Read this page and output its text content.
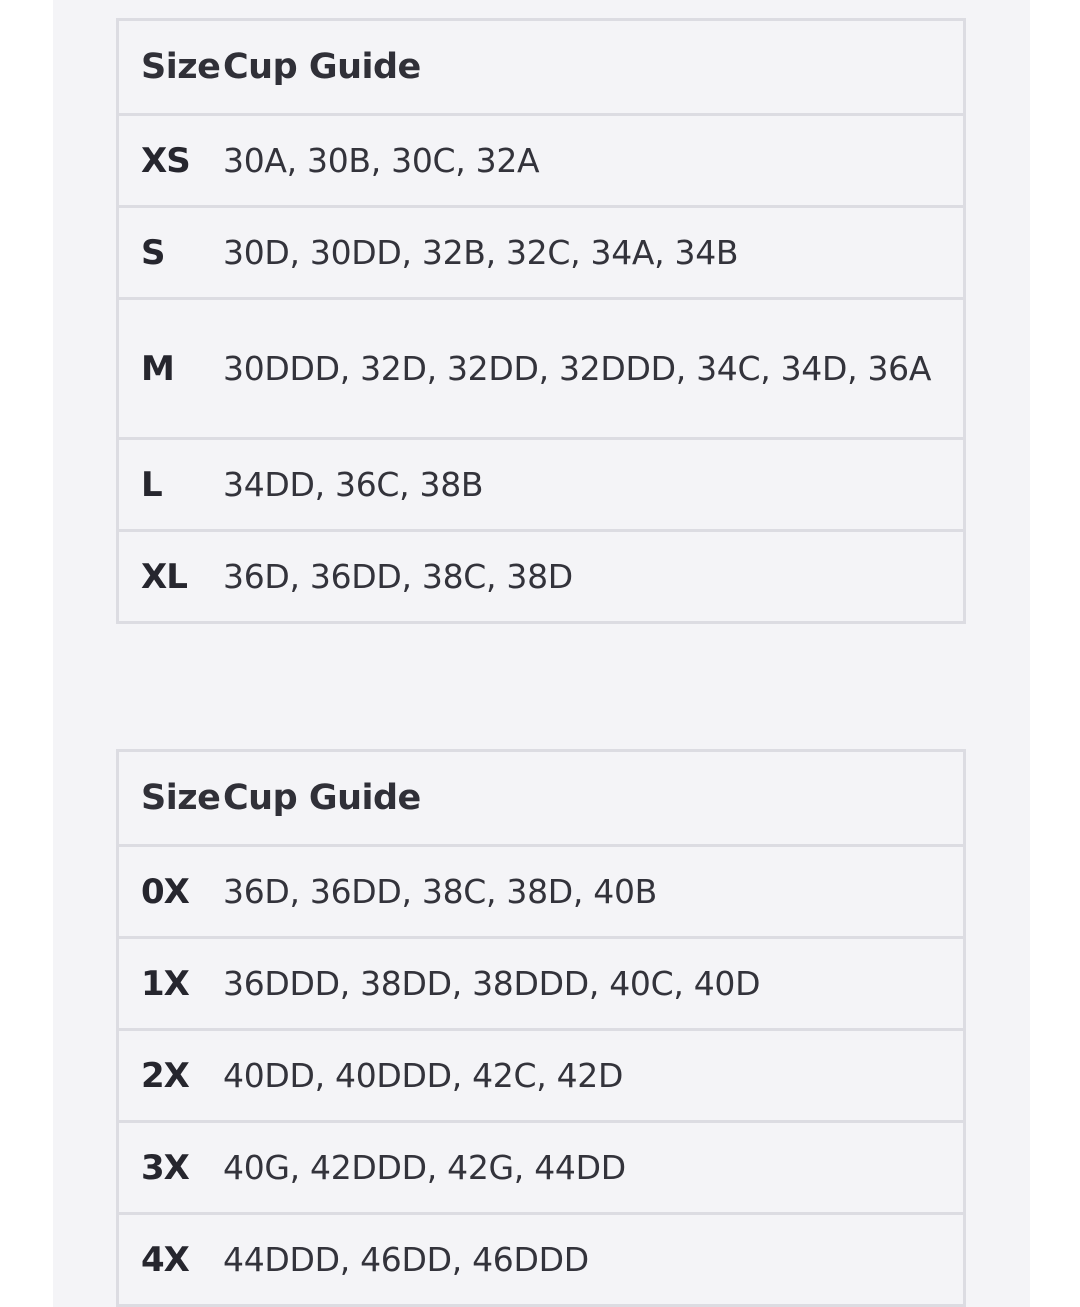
Size Cup Guide
XS	30A, 30B, 30C, 32A
S	30D, 30DD, 32B, 32C, 34A, 34B
M	30DDD, 32D, 32DD, 32DDD, 34C, 34D, 36A
L	34DD, 36C, 38B
XL	36D, 36DD, 38C, 38D
Size Cup Guide
0X	36D, 36DD, 38C, 38D, 40B
1X	36DDD, 38DD, 38DDD, 40C, 40D
2X	40DD, 40DDD, 42C, 42D
3X	40G, 42DDD, 42G, 44DD
4X	44DDD, 46DD, 46DDD
